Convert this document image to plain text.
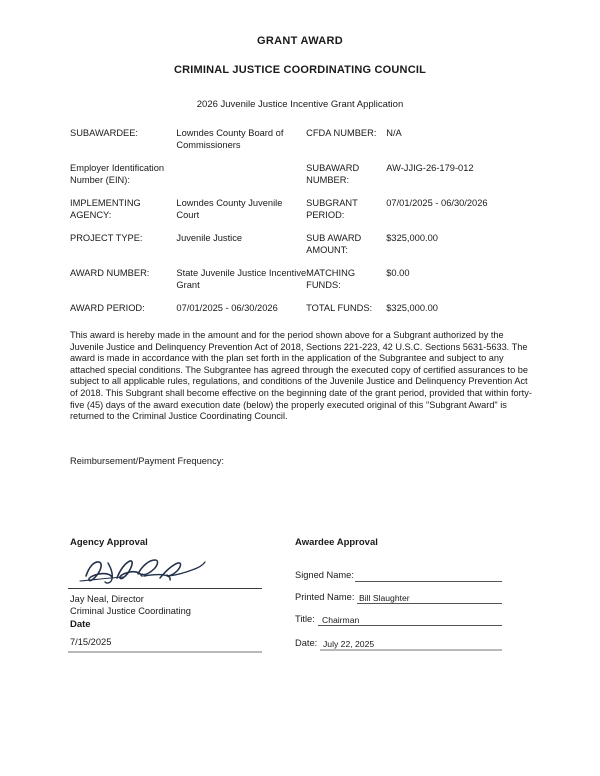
GRANT AWARD
CRIMINAL JUSTICE COORDINATING COUNCIL
2026 Juvenile Justice Incentive Grant Application
SUBAWARDEE:	Lowndes County Board of Commissioners	CFDA NUMBER:	N/A
Employer Identification Number (EIN):		SUBAWARD NUMBER:	AW-JJIG-26-179-012
IMPLEMENTING AGENCY:	Lowndes County Juvenile Court	SUBGRANT PERIOD:	07/01/2025 - 06/30/2026
PROJECT TYPE:	Juvenile Justice	SUB AWARD AMOUNT:	$325,000.00
AWARD NUMBER:	State Juvenile Justice Incentive Grant	MATCHING FUNDS:	$0.00
AWARD PERIOD:	07/01/2025 - 06/30/2026	TOTAL FUNDS:	$325,000.00
This award is hereby made in the amount and for the period shown above for a Subgrant authorized by the Juvenile Justice and Delinquency Prevention Act of 2018, Sections 221-223, 42 U.S.C. Sections 5631-5633. The award is made in accordance with the plan set forth in the application of the Subgrantee and subject to any attached special conditions. The Subgrantee has agreed through the executed copy of certified assurances to be subject to all applicable rules, regulations, and conditions of the Juvenile Justice and Delinquency Prevention Act of 2018. This Subgrant shall become effective on the beginning date of the grant period, provided that within forty-five (45) days of the award execution date (below) the properly executed original of this "Subgrant Award" is returned to the Criminal Justice Coordinating Council.
Reimbursement/Payment Frequency:
Agency Approval	Awardee Approval
Jay Neal, Director
Criminal Justice Coordinating
Date
7/15/2025
Signed Name:
Printed Name: Bill Slaughter
Title: Chairman
Date: July 22, 2025
